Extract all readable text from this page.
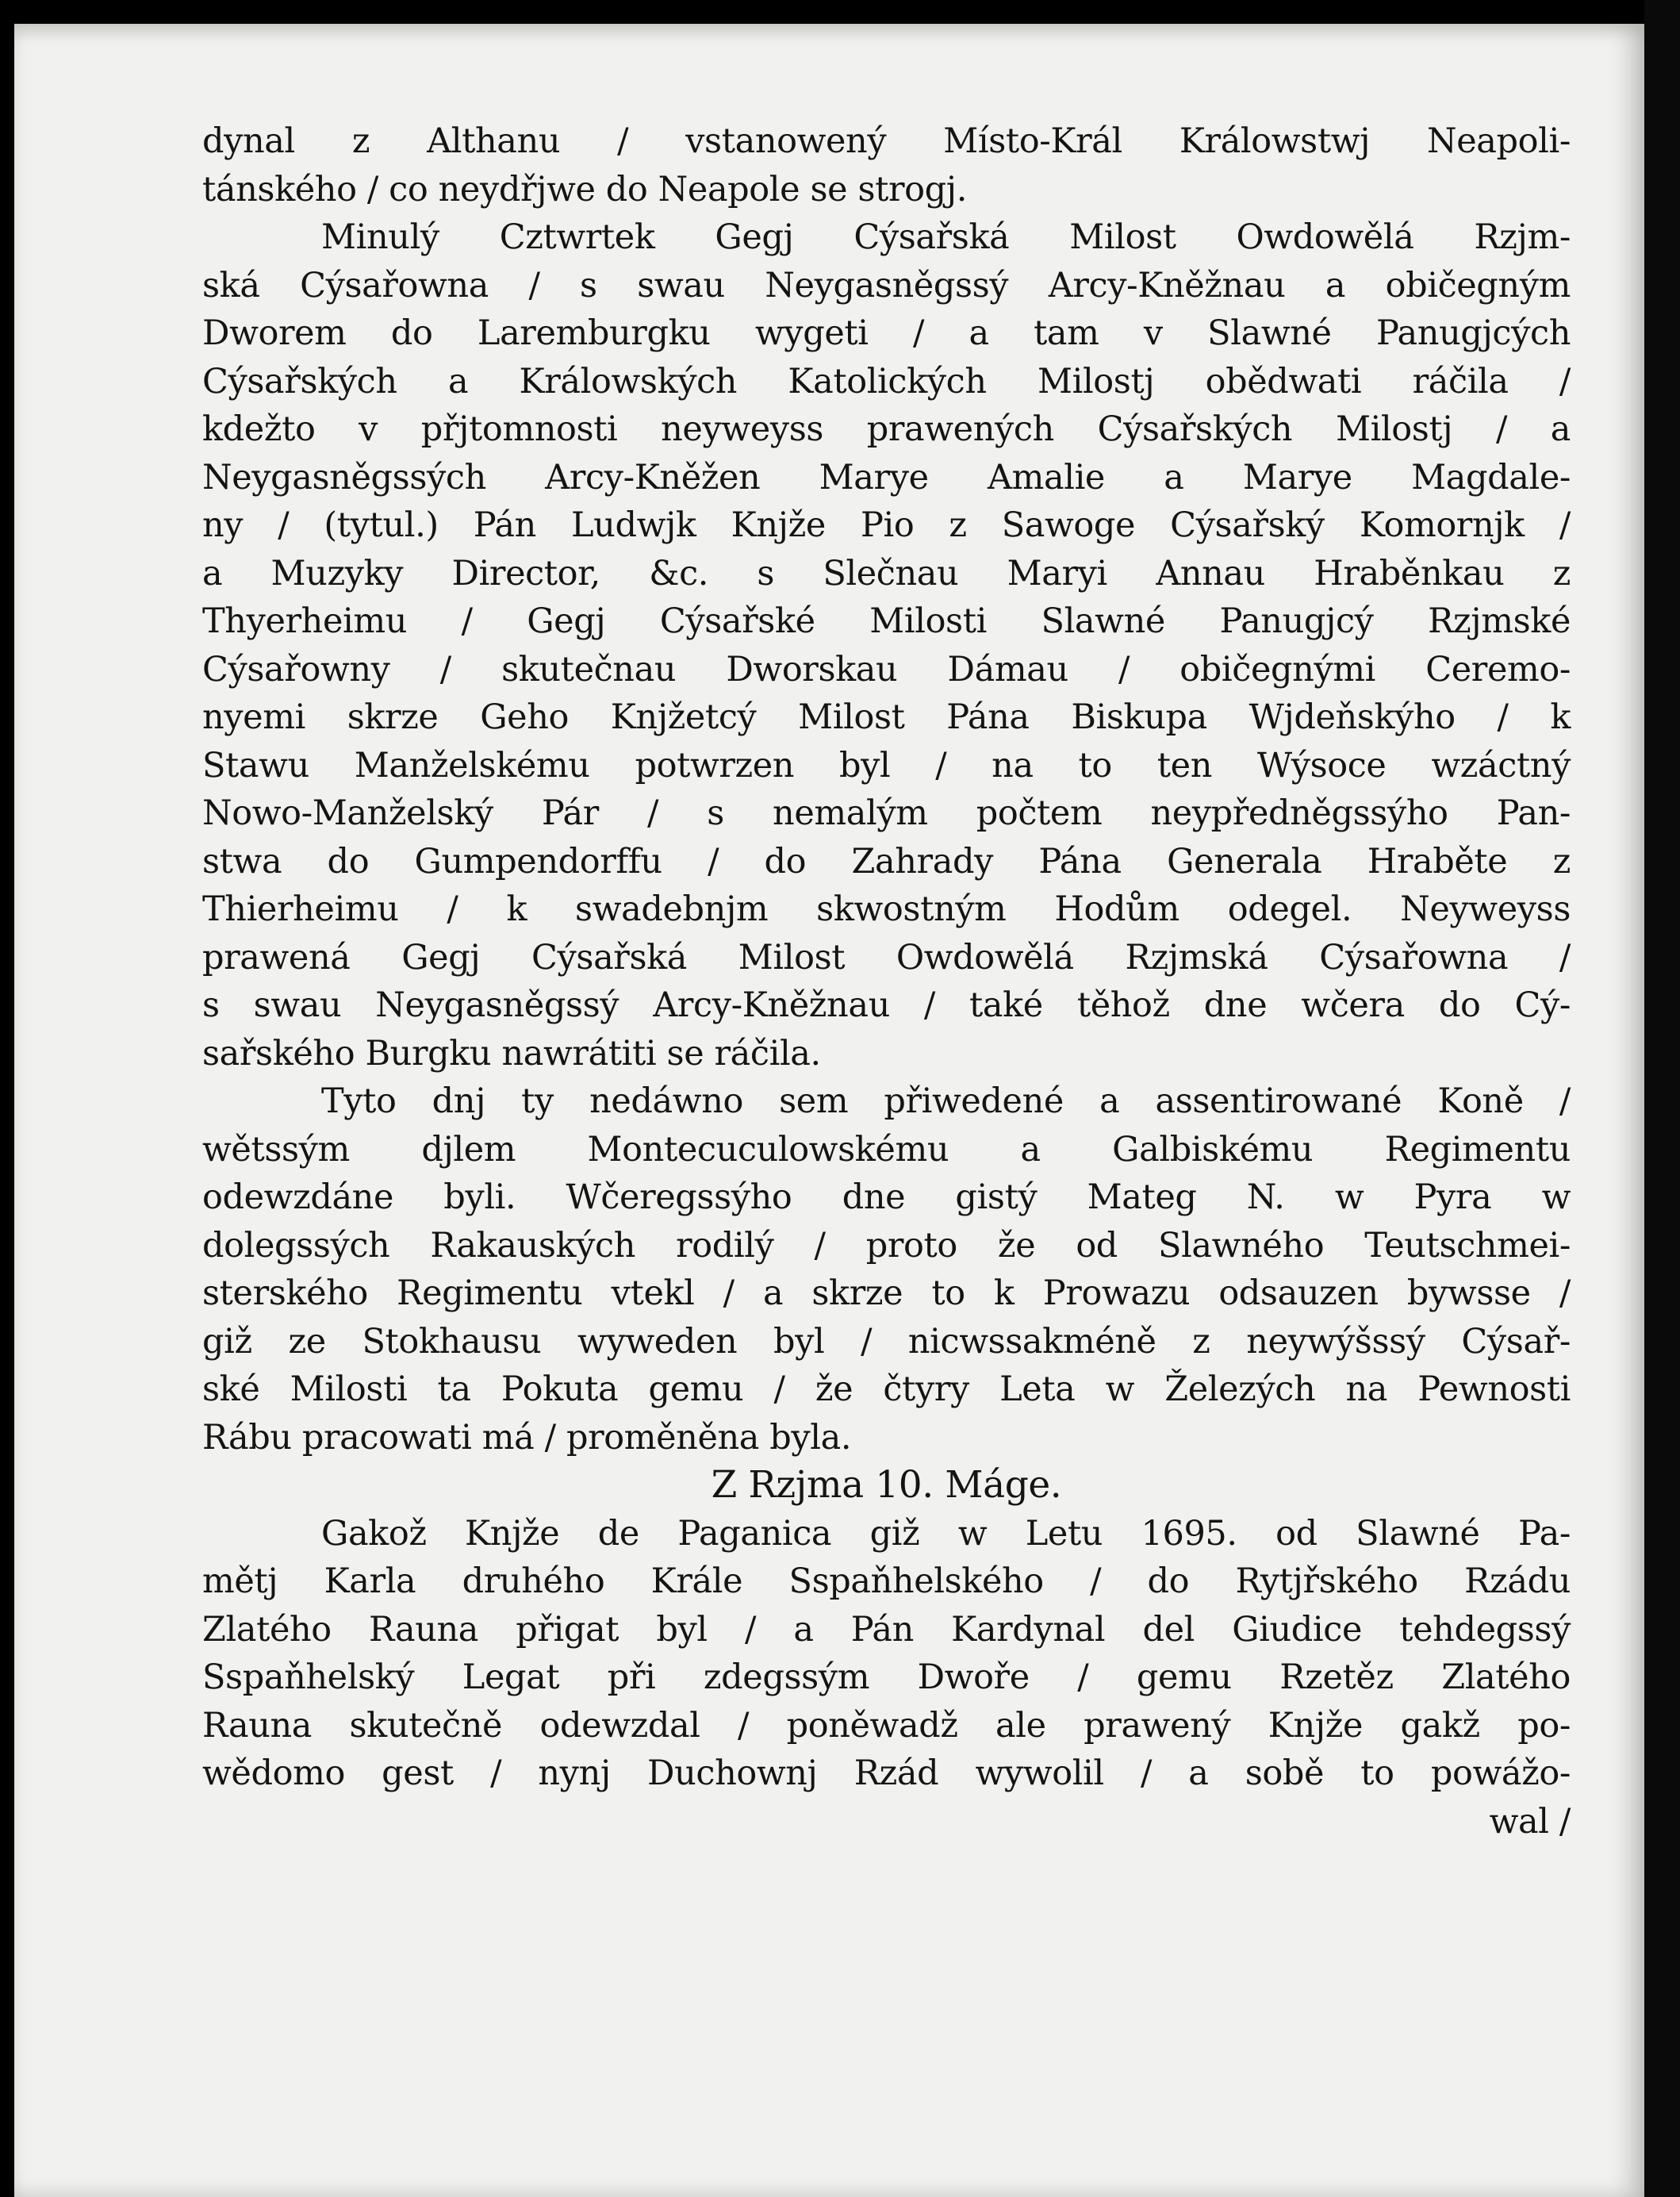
dynal z Althanu / vstanowený Místo-Král Králowstwj Neapoli-
tánského / co neydřjwe do Neapole se strogj.
Minulý Cztwrtek Gegj Cýsařská Milost Owdowělá Rzjm-
ská Cýsařowna / s swau Neygasněgssý Arcy-Kněžnau a običegným
Dworem do Laremburgku wygeti / a tam v Slawné Panugjcých
Cýsařských a Králowských Katolických Milostj obědwati ráčila /
kdežto v přjtomnosti neyweyss prawených Cýsařských Milostj / a
Neygasněgssých Arcy-Kněžen Marye Amalie a Marye Magdale-
ny / (tytul.) Pán Ludwjk Knjže Pio z Sawoge Cýsařský Komornjk /
a Muzyky Director, &c. s Slečnau Maryi Annau Hraběnkau z
Thyerheimu / Gegj Cýsařské Milosti Slawné Panugjcý Rzjmské
Cýsařowny / skutečnau Dworskau Dámau / običegnými Ceremo-
nyemi skrze Geho Knjžetcý Milost Pána Biskupa Wjdeňskýho / k
Stawu Manželskému potwrzen byl / na to ten Wýsoce wzáctný
Nowo-Manželský Pár / s nemalým počtem neypředněgssýho Pan-
stwa do Gumpendorffu / do Zahrady Pána Generala Hraběte z
Thierheimu / k swadebnjm skwostným Hodům odegel. Neyweyss
prawená Gegj Cýsařská Milost Owdowělá Rzjmská Cýsařowna /
s swau Neygasněgssý Arcy-Kněžnau / také těhož dne wčera do Cý-
sařského Burgku nawrátiti se ráčila.
Tyto dnj ty nedáwno sem přiwedené a assentirowané Koně /
wětssým djlem Montecuculowskému a Galbiskému Regimentu
odewzdáne byli. Wčeregssýho dne gistý Mateg N. w Pyra w
dolegssých Rakauských rodilý / proto že od Slawného Teutschmei-
sterského Regimentu vtekl / a skrze to k Prowazu odsauzen bywsse /
giž ze Stokhausu wyweden byl / nicwssakméně z neywýšssý Cýsař-
ské Milosti ta Pokuta gemu / že čtyry Leta w Železých na Pewnosti
Rábu pracowati má / proměněna byla.
Z Rzjma 10. Máge.
Gakož Knjže de Paganica giž w Letu 1695. od Slawné Pa-
mětj Karla druhého Krále Sspaňhelského / do Rytjřského Rzádu
Zlatého Rauna přigat byl / a Pán Kardynal del Giudice tehdegssý
Sspaňhelský Legat při zdegssým Dwoře / gemu Rzetěz Zlatého
Rauna skutečně odewzdal / poněwadž ale prawený Knjže gakž po-
wědomo gest / nynj Duchownj Rzád wywolil / a sobě to powážo-
wal /
